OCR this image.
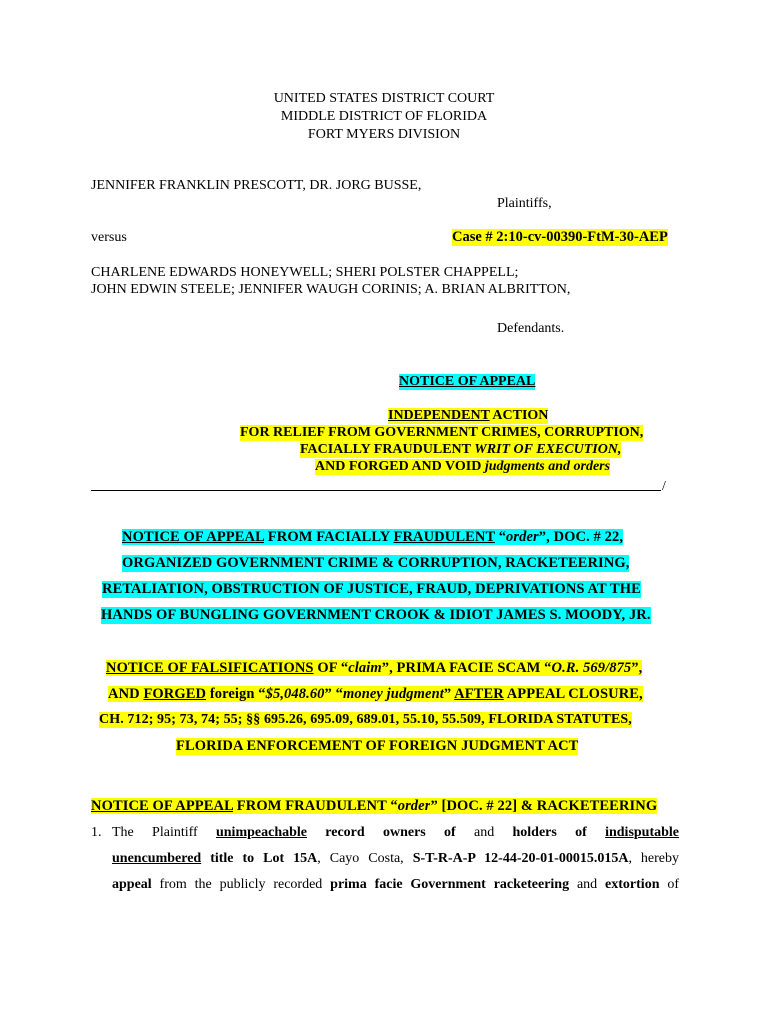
UNITED STATES DISTRICT COURT
MIDDLE DISTRICT OF FLORIDA
FORT MYERS DIVISION
JENNIFER FRANKLIN PRESCOTT, DR. JORG BUSSE,
Plaintiffs,
versus	Case # 2:10-cv-00390-FtM-30-AEP
CHARLENE EDWARDS HONEYWELL; SHERI POLSTER CHAPPELL;
JOHN EDWIN STEELE; JENNIFER WAUGH CORINIS; A. BRIAN ALBRITTON,
Defendants.
NOTICE OF APPEAL
INDEPENDENT ACTION
FOR RELIEF FROM GOVERNMENT CRIMES, CORRUPTION,
FACIALLY FRAUDULENT WRIT OF EXECUTION,
AND FORGED AND VOID judgments and orders
/
NOTICE OF APPEAL FROM FACIALLY FRAUDULENT “order”, DOC. # 22,
ORGANIZED GOVERNMENT CRIME & CORRUPTION, RACKETEERING,
RETALIATION, OBSTRUCTION OF JUSTICE, FRAUD, DEPRIVATIONS AT THE
HANDS OF BUNGLING GOVERNMENT CROOK & IDIOT JAMES S. MOODY, JR.
NOTICE OF FALSIFICATIONS OF “claim”, PRIMA FACIE SCAM “O.R. 569/875”,
AND FORGED foreign “$5,048.60” “money judgment” AFTER APPEAL CLOSURE,
CH. 712; 95; 73, 74; 55; §§ 695.26, 695.09, 689.01, 55.10, 55.509, FLORIDA STATUTES,
FLORIDA ENFORCEMENT OF FOREIGN JUDGMENT ACT
NOTICE OF APPEAL FROM FRAUDULENT “order” [DOC. # 22] & RACKETEERING
1. The Plaintiff unimpeachable record owners of and holders of indisputable
unencumbered title to Lot 15A, Cayo Costa, S-T-R-A-P 12-44-20-01-00015.015A, hereby
appeal from the publicly recorded prima facie Government racketeering and extortion of
